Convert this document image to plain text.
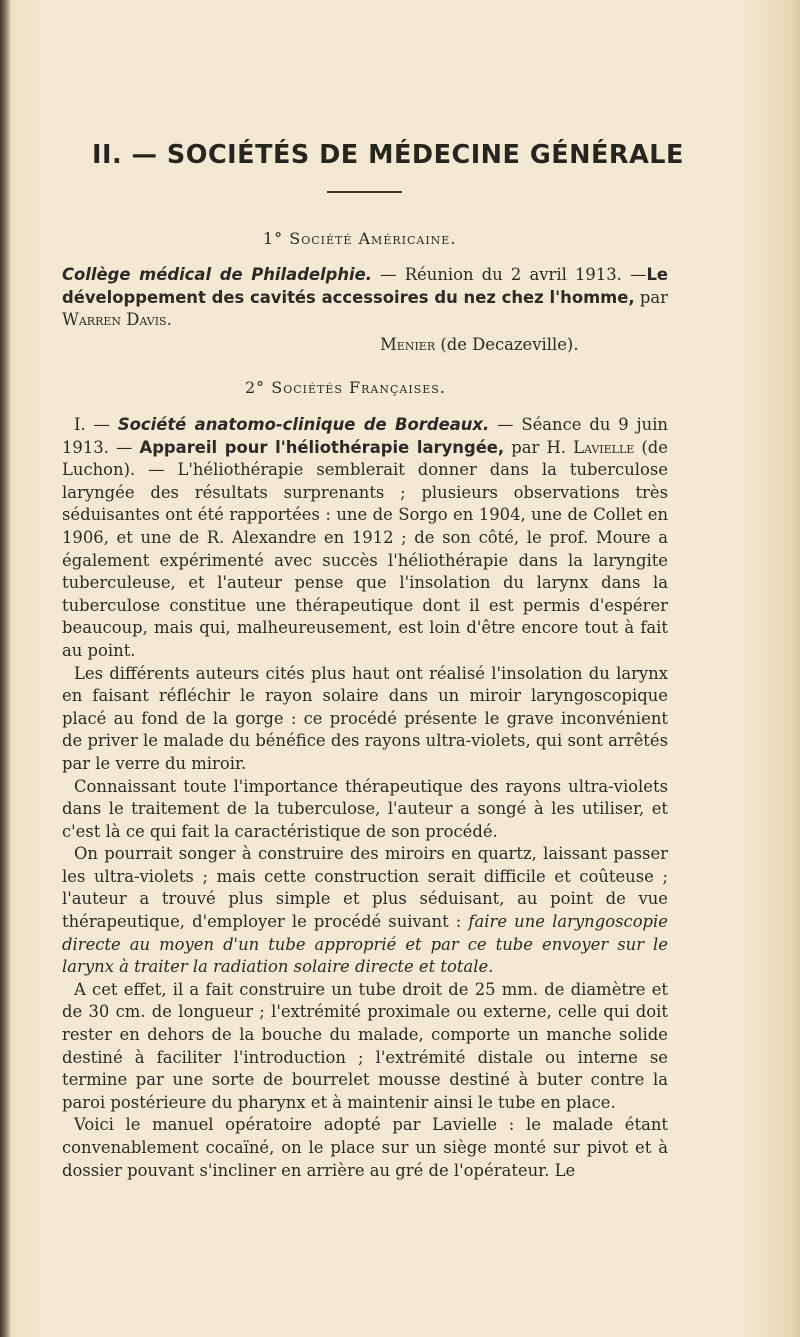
II. — SOCIÉTÉS DE MÉDECINE GÉNÉRALE
1° Société Américaine.

Collège médical de Philadelphie. — Réunion du 2 avril 1913. —Le développement des cavités accessoires du nez chez l'homme, par Warren Davis.

Menier (de Decazeville).
2° Sociétés Françaises.

I. — Société anatomo-clinique de Bordeaux. — Séance du 9 juin 1913. — Appareil pour l'héliothérapie laryngée, par H. Lavielle (de Luchon). — L'héliothérapie semblerait donner dans la tuberculose laryngée des résultats surprenants ; plusieurs observations très séduisantes ont été rapportées : une de Sorgo en 1904, une de Collet en 1906, et une de R. Alexandre en 1912 ; de son côté, le prof. Moure a également expérimenté avec succès l'héliothérapie dans la laryngite tuberculeuse, et l'auteur pense que l'insolation du larynx dans la tuberculose constitue une thérapeutique dont il est permis d'espérer beaucoup, mais qui, malheureusement, est loin d'être encore tout à fait au point.

Les différents auteurs cités plus haut ont réalisé l'insolation du larynx en faisant réfléchir le rayon solaire dans un miroir laryngoscopique placé au fond de la gorge : ce procédé présente le grave inconvénient de priver le malade du bénéfice des rayons ultra-violets, qui sont arrêtés par le verre du miroir.

Connaissant toute l'importance thérapeutique des rayons ultra-violets dans le traitement de la tuberculose, l'auteur a songé à les utiliser, et c'est là ce qui fait la caractéristique de son procédé.

On pourrait songer à construire des miroirs en quartz, laissant passer les ultra-violets ; mais cette construction serait difficile et coûteuse ; l'auteur a trouvé plus simple et plus séduisant, au point de vue thérapeutique, d'employer le procédé suivant : faire une laryngoscopie directe au moyen d'un tube approprié et par ce tube envoyer sur le larynx à traiter la radiation solaire directe et totale.

A cet effet, il a fait construire un tube droit de 25 mm. de diamètre et de 30 cm. de longueur ; l'extrémité proximale ou externe, celle qui doit rester en dehors de la bouche du malade, comporte un manche solide destiné à faciliter l'introduction ; l'extrémité distale ou interne se termine par une sorte de bourrelet mousse destiné à buter contre la paroi postérieure du pharynx et à maintenir ainsi le tube en place.

Voici le manuel opératoire adopté par Lavielle : le malade étant convenablement cocaïné, on le place sur un siège monté sur pivot et à dossier pouvant s'incliner en arrière au gré de l'opérateur. Le
